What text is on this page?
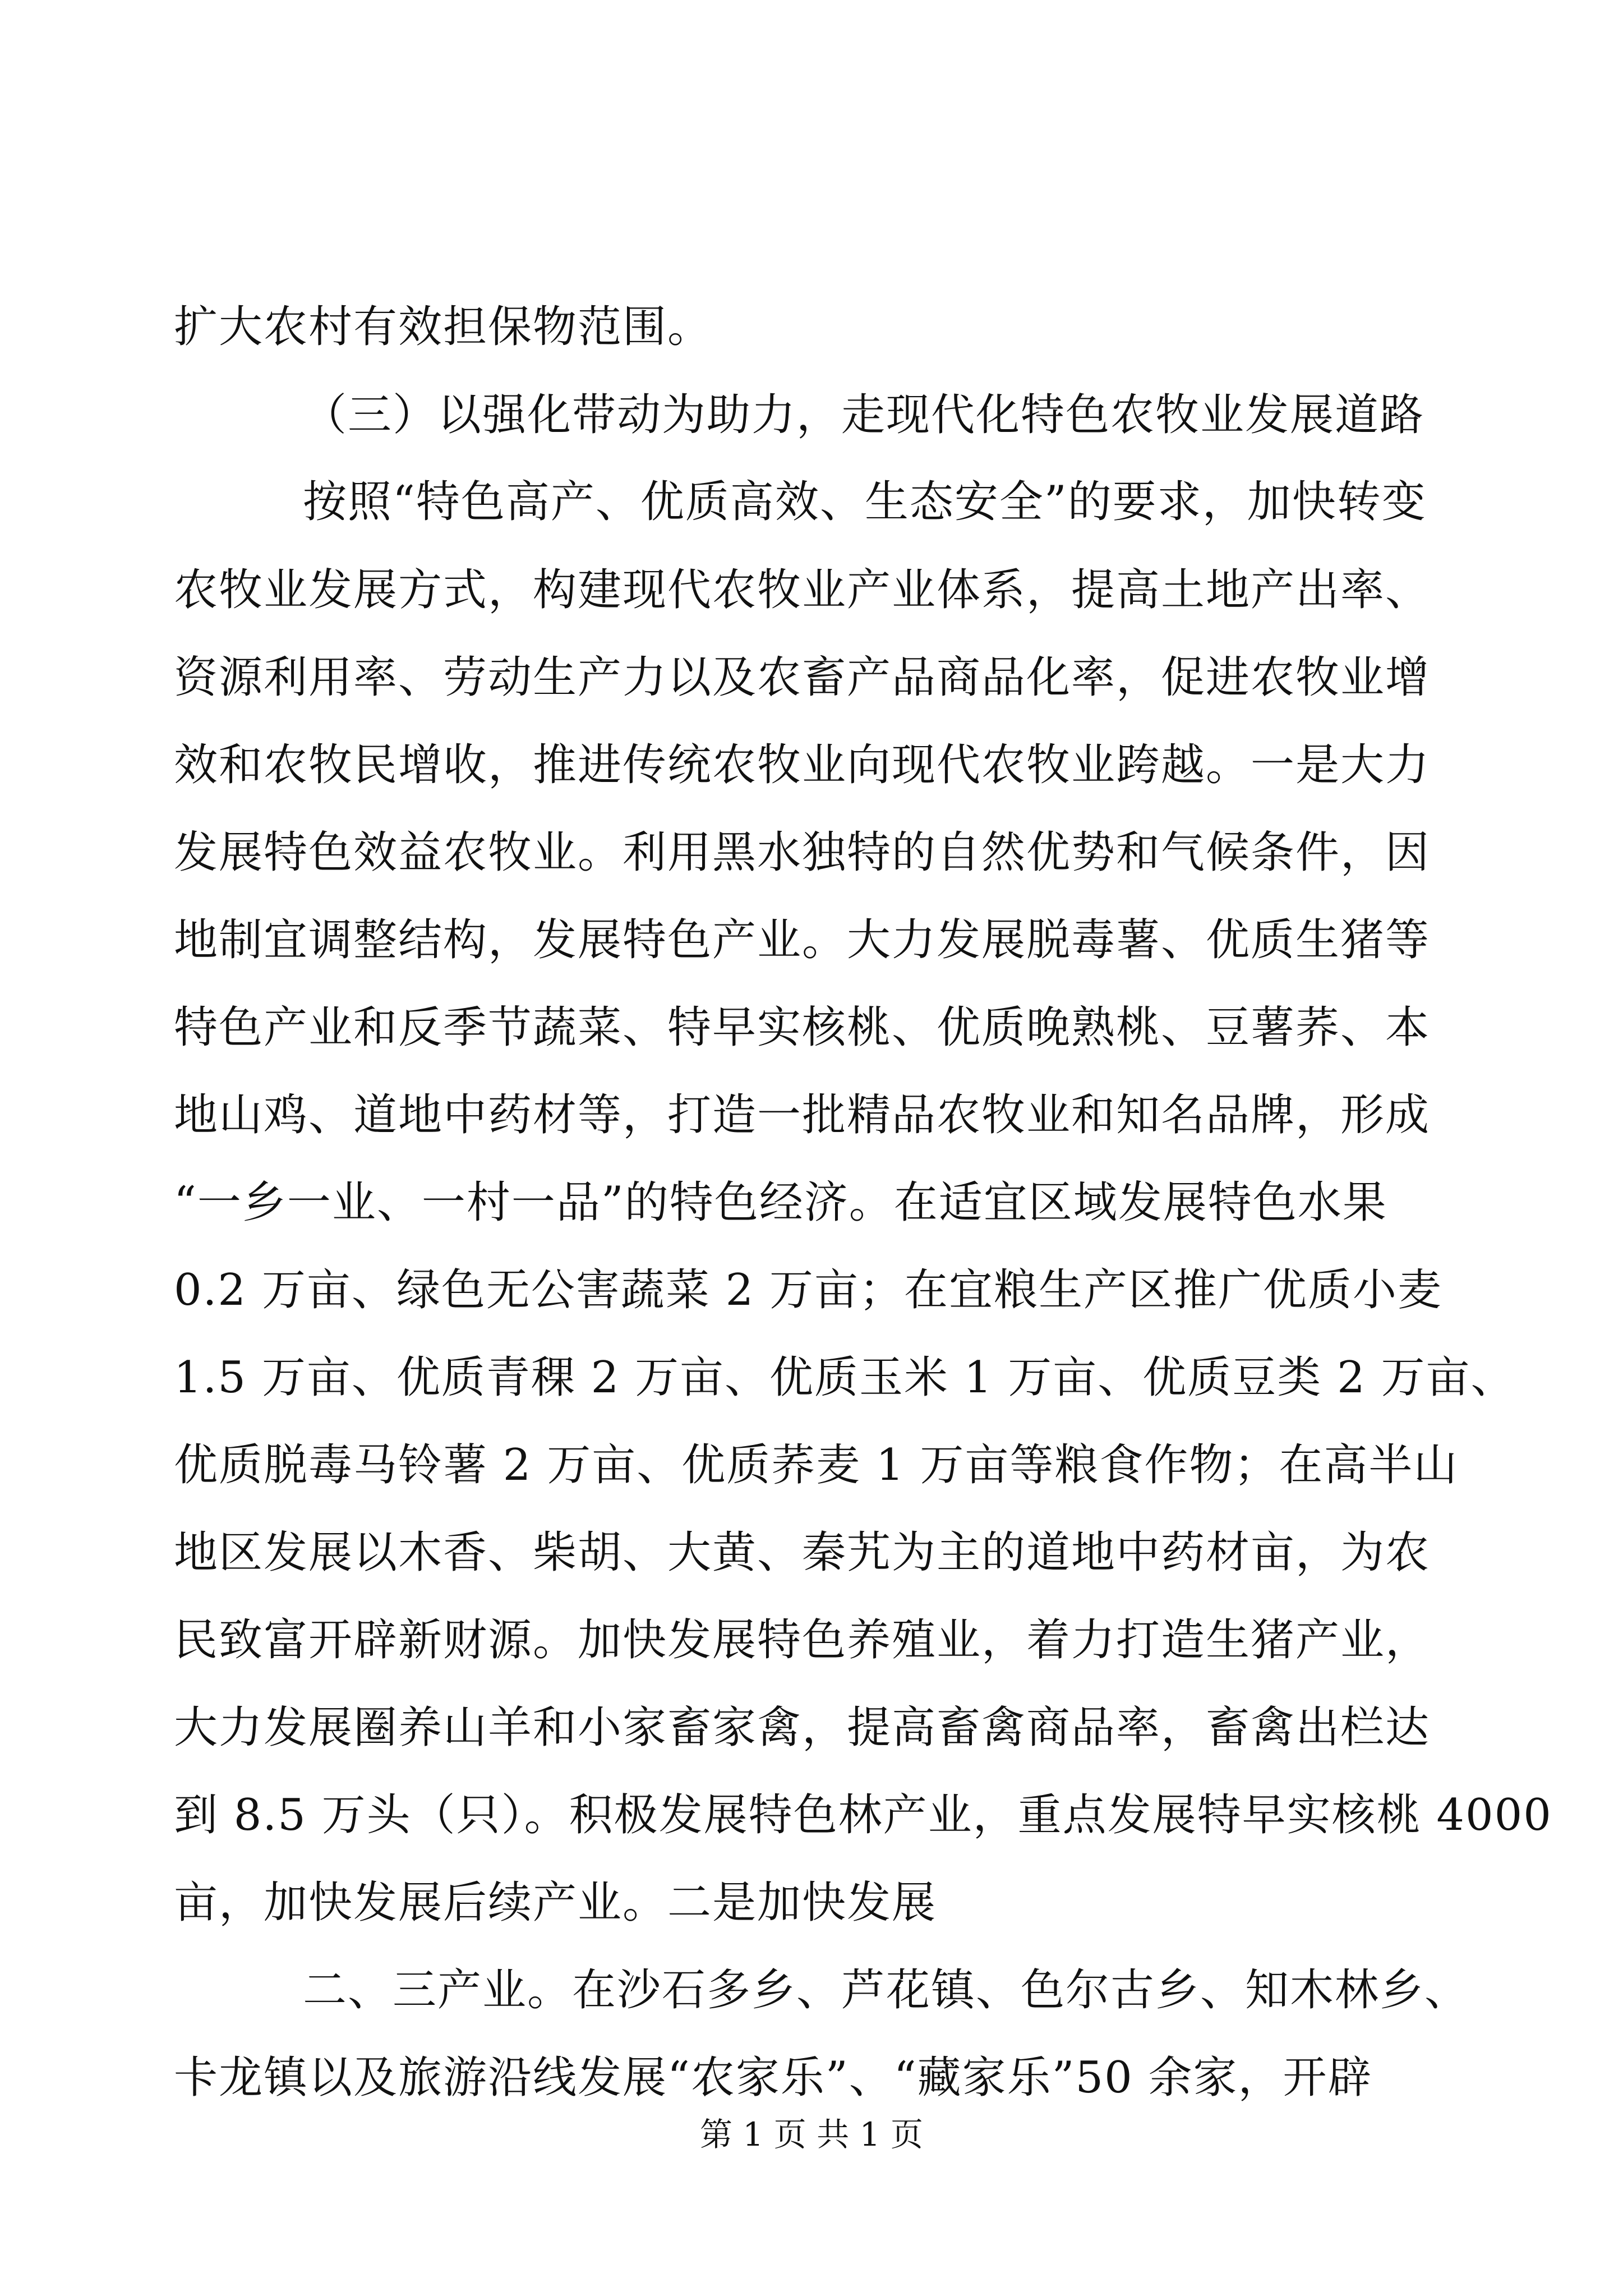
扩大农村有效担保物范围。
（三）以强化带动为助力，走现代化特色农牧业发展道路
按照“特色高产、优质高效、生态安全”的要求，加快转变
农牧业发展方式，构建现代农牧业产业体系，提高土地产出率、
资源利用率、劳动生产力以及农畜产品商品化率，促进农牧业增
效和农牧民增收，推进传统农牧业向现代农牧业跨越。一是大力
发展特色效益农牧业。利用黑水独特的自然优势和气候条件，因
地制宜调整结构，发展特色产业。大力发展脱毒薯、优质生猪等
特色产业和反季节蔬菜、特早实核桃、优质晚熟桃、豆薯荞、本
地山鸡、道地中药材等，打造一批精品农牧业和知名品牌，形成
“一乡一业、一村一品”的特色经济。在适宜区域发展特色水果
0.2 万亩、绿色无公害蔬菜 2 万亩；在宜粮生产区推广优质小麦
1.5 万亩、优质青稞 2 万亩、优质玉米 1 万亩、优质豆类 2 万亩、
优质脱毒马铃薯 2 万亩、优质荞麦 1 万亩等粮食作物；在高半山
地区发展以木香、柴胡、大黄、秦艽为主的道地中药材亩，为农
民致富开辟新财源。加快发展特色养殖业，着力打造生猪产业，
大力发展圈养山羊和小家畜家禽，提高畜禽商品率，畜禽出栏达
到 8.5 万头（只）。积极发展特色林产业，重点发展特早实核桃 4000
亩，加快发展后续产业。二是加快发展
二、三产业。在沙石多乡、芦花镇、色尔古乡、知木林乡、
卡龙镇以及旅游沿线发展“农家乐”、“藏家乐”50 余家，开辟
第 1 页 共 1 页
